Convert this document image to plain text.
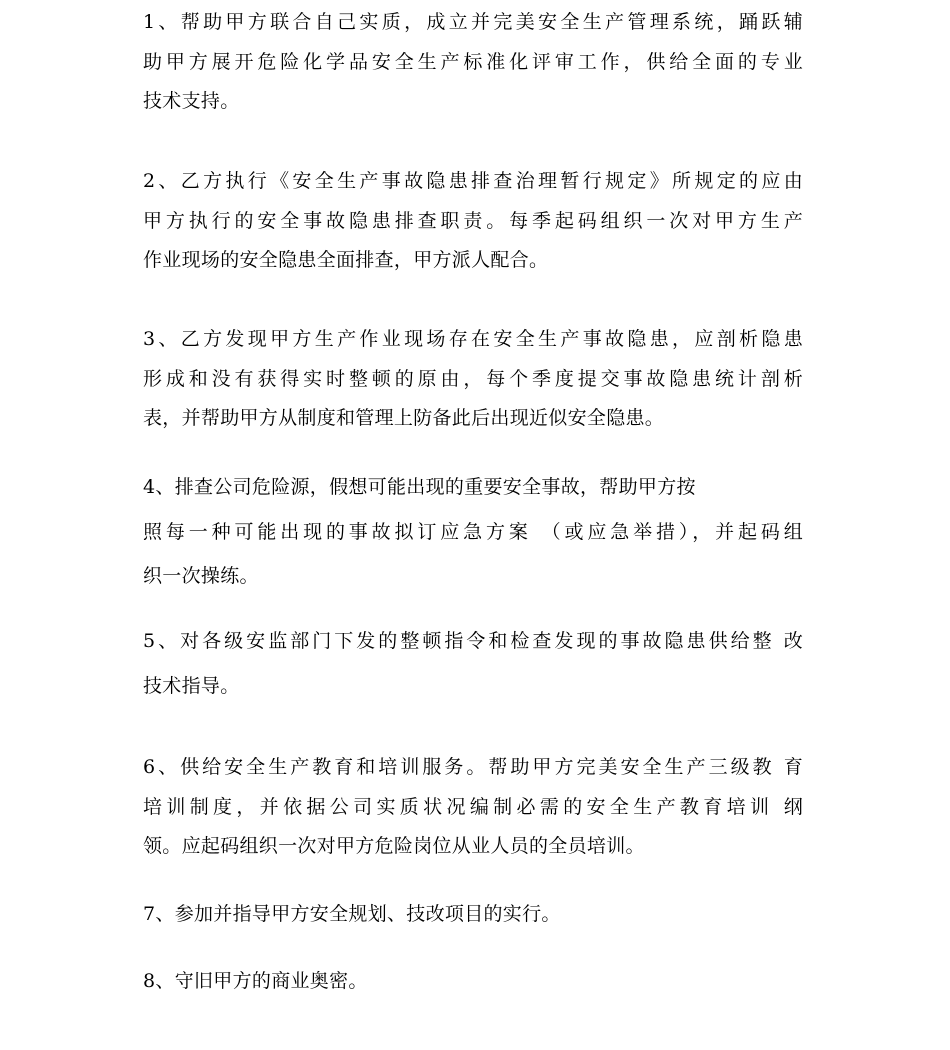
1、帮助甲方联合自己实质，成立并完美安全生产管理系统，踊跃辅
助甲方展开危险化学品安全生产标准化评审工作，供给全面的专业
技术支持。
2、乙方执行《安全生产事故隐患排查治理暂行规定》所规定的应由
甲方执行的安全事故隐患排查职责。每季起码组织一次对甲方生产
作业现场的安全隐患全面排查，甲方派人配合。
3、乙方发现甲方生产作业现场存在安全生产事故隐患，应剖析隐患
形成和没有获得实时整顿的原由，每个季度提交事故隐患统计剖析
表，并帮助甲方从制度和管理上防备此后出现近似安全隐患。
4、排查公司危险源，假想可能出现的重要安全事故，帮助甲方按
照每一种可能出现的事故拟订应急方案 （或应急举措），并起码组
织一次操练。
5、对各级安监部门下发的整顿指令和检查发现的事故隐患供给整 改
技术指导。
6、供给安全生产教育和培训服务。帮助甲方完美安全生产三级教 育
培训制度，并依据公司实质状况编制必需的安全生产教育培训 纲
领。应起码组织一次对甲方危险岗位从业人员的全员培训。
7、参加并指导甲方安全规划、技改项目的实行。
8、守旧甲方的商业奥密。
